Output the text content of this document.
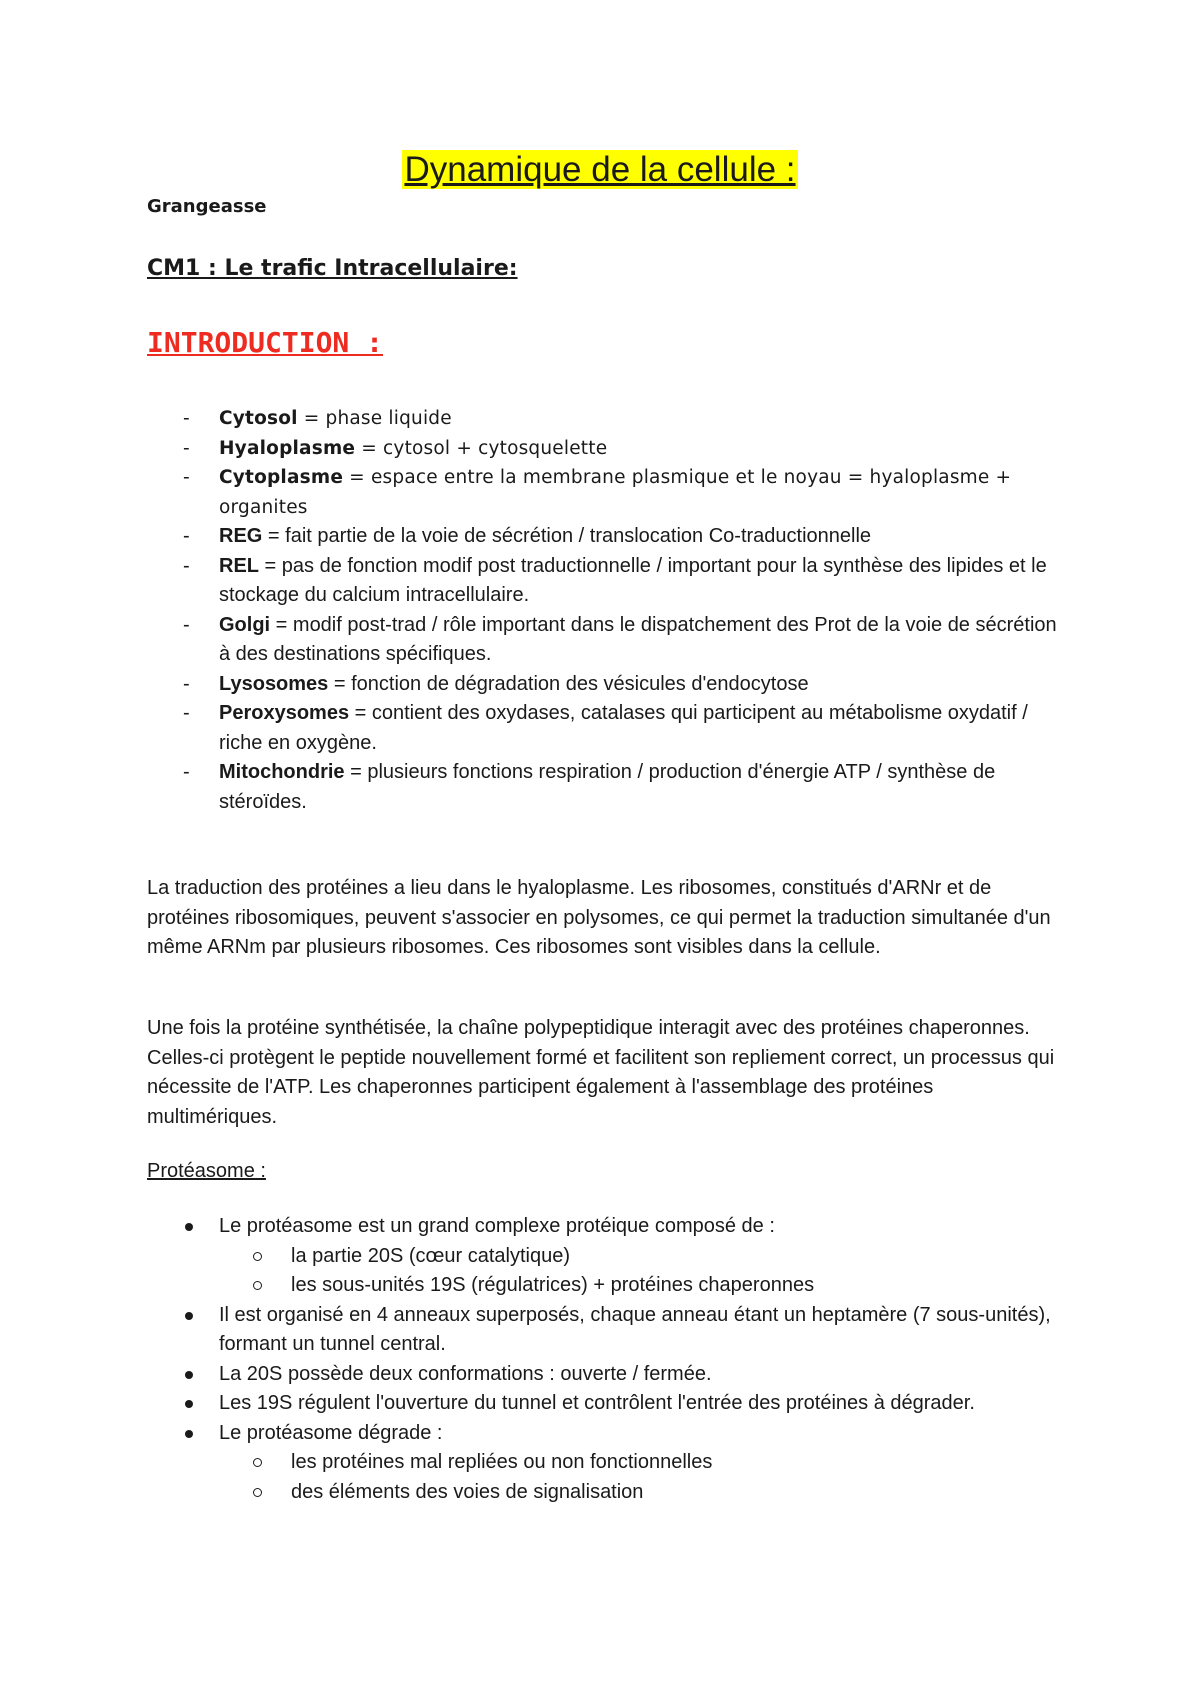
Dynamique de la cellule :
Grangeasse
CM1 : Le trafic Intracellulaire:
INTRODUCTION :
- Cytosol = phase liquide
- Hyaloplasme = cytosol + cytosquelette
- Cytoplasme = espace entre la membrane plasmique et le noyau = hyaloplasme + organites
- REG = fait partie de la voie de sécrétion / translocation Co-traductionnelle
- REL = pas de fonction modif post traductionnelle / important pour la synthèse des lipides et le stockage du calcium intracellulaire.
- Golgi = modif post-trad / rôle important dans le dispatchement des Prot de la voie de sécrétion à des destinations spécifiques.
- Lysosomes = fonction de dégradation des vésicules d'endocytose
- Peroxysomes = contient des oxydases, catalases qui participent au métabolisme oxydatif / riche en oxygène.
- Mitochondrie = plusieurs fonctions respiration / production d'énergie ATP / synthèse de stéroïdes.

La traduction des protéines a lieu dans le hyaloplasme. Les ribosomes, constitués d'ARNr et de protéines ribosomiques, peuvent s'associer en polysomes, ce qui permet la traduction simultanée d'un même ARNm par plusieurs ribosomes. Ces ribosomes sont visibles dans la cellule.

Une fois la protéine synthétisée, la chaîne polypeptidique interagit avec des protéines chaperonnes. Celles-ci protègent le peptide nouvellement formé et facilitent son repliement correct, un processus qui nécessite de l'ATP. Les chaperonnes participent également à l'assemblage des protéines multimériques.

Protéasome :
Le protéasome est un grand complexe protéique composé de :
la partie 20S (cœur catalytique)
les sous-unités 19S (régulatrices) + protéines chaperonnes
Il est organisé en 4 anneaux superposés, chaque anneau étant un heptamère (7 sous-unités), formant un tunnel central.
La 20S possède deux conformations : ouverte / fermée.
Les 19S régulent l'ouverture du tunnel et contrôlent l'entrée des protéines à dégrader.
Le protéasome dégrade :
les protéines mal repliées ou non fonctionnelles
des éléments des voies de signalisation
